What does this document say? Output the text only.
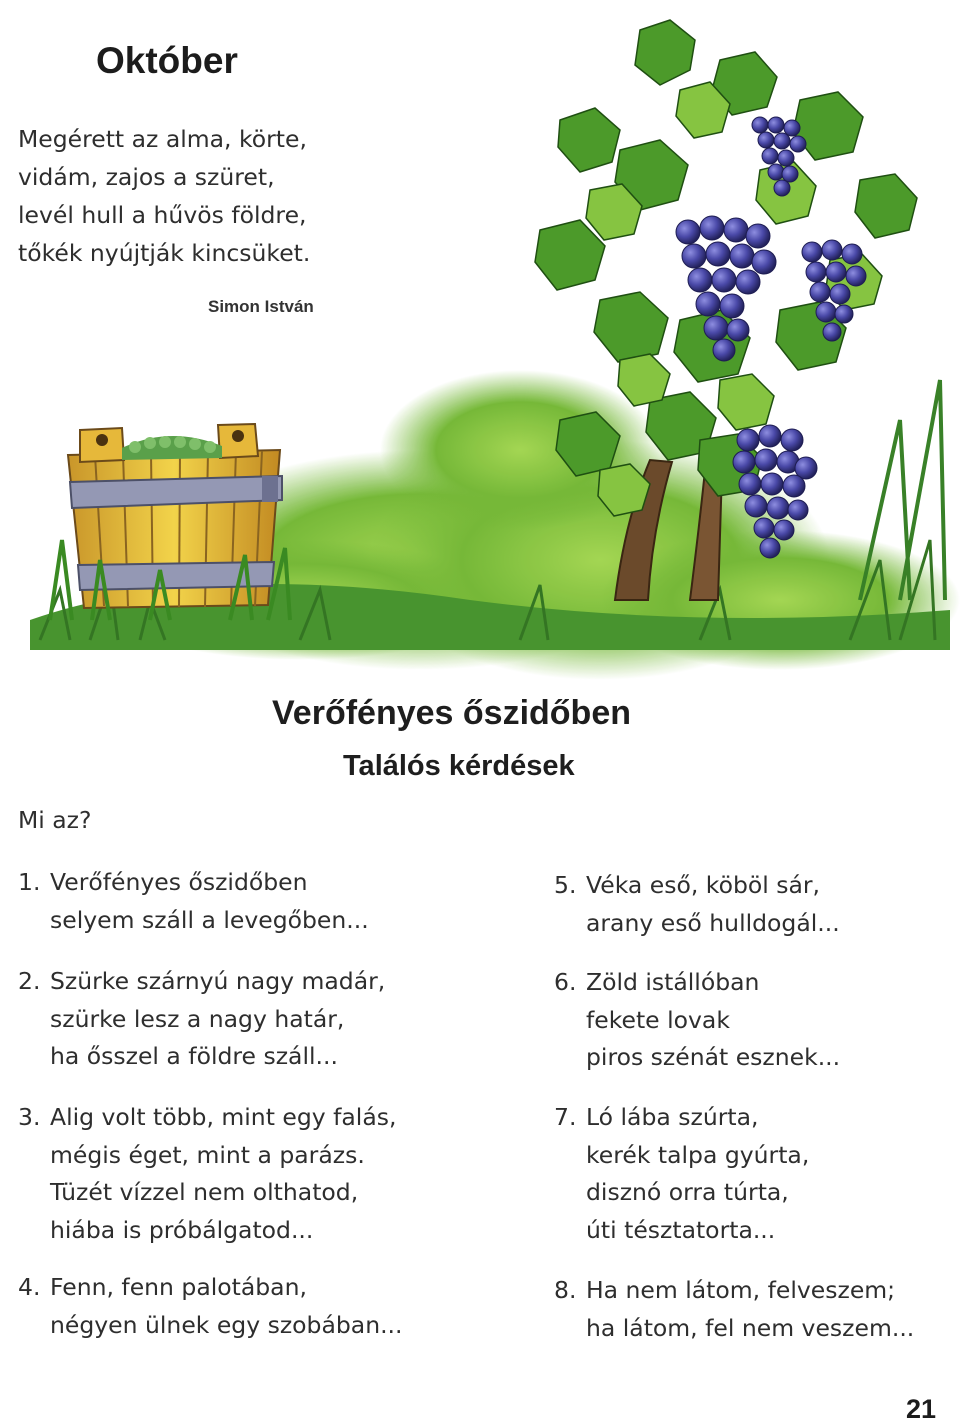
Október
Megérett az alma, körte,
vidám, zajos a szüret,
levél hull a hűvös földre,
tőkék nyújtják kincsüket.
Simon István
Verőfényes őszidőben
Találós kérdések
Mi az?
1. Verőfényes őszidőben
selyem száll a levegőben...
2. Szürke szárnyú nagy madár,
szürke lesz a nagy határ,
ha ősszel a földre száll...
3. Alig volt több, mint egy falás,
mégis éget, mint a parázs.
Tüzét vízzel nem olthatod,
hiába is próbálgatod...
4. Fenn, fenn palotában,
négyen ülnek egy szobában...
5. Véka eső, köböl sár,
arany eső hulldogál...
6. Zöld istállóban
fekete lovak
piros szénát esznek...
7. Ló lába szúrta,
kerék talpa gyúrta,
disznó orra túrta,
úti tésztatorta...
8. Ha nem látom, felveszem;
ha látom, fel nem veszem...
21
